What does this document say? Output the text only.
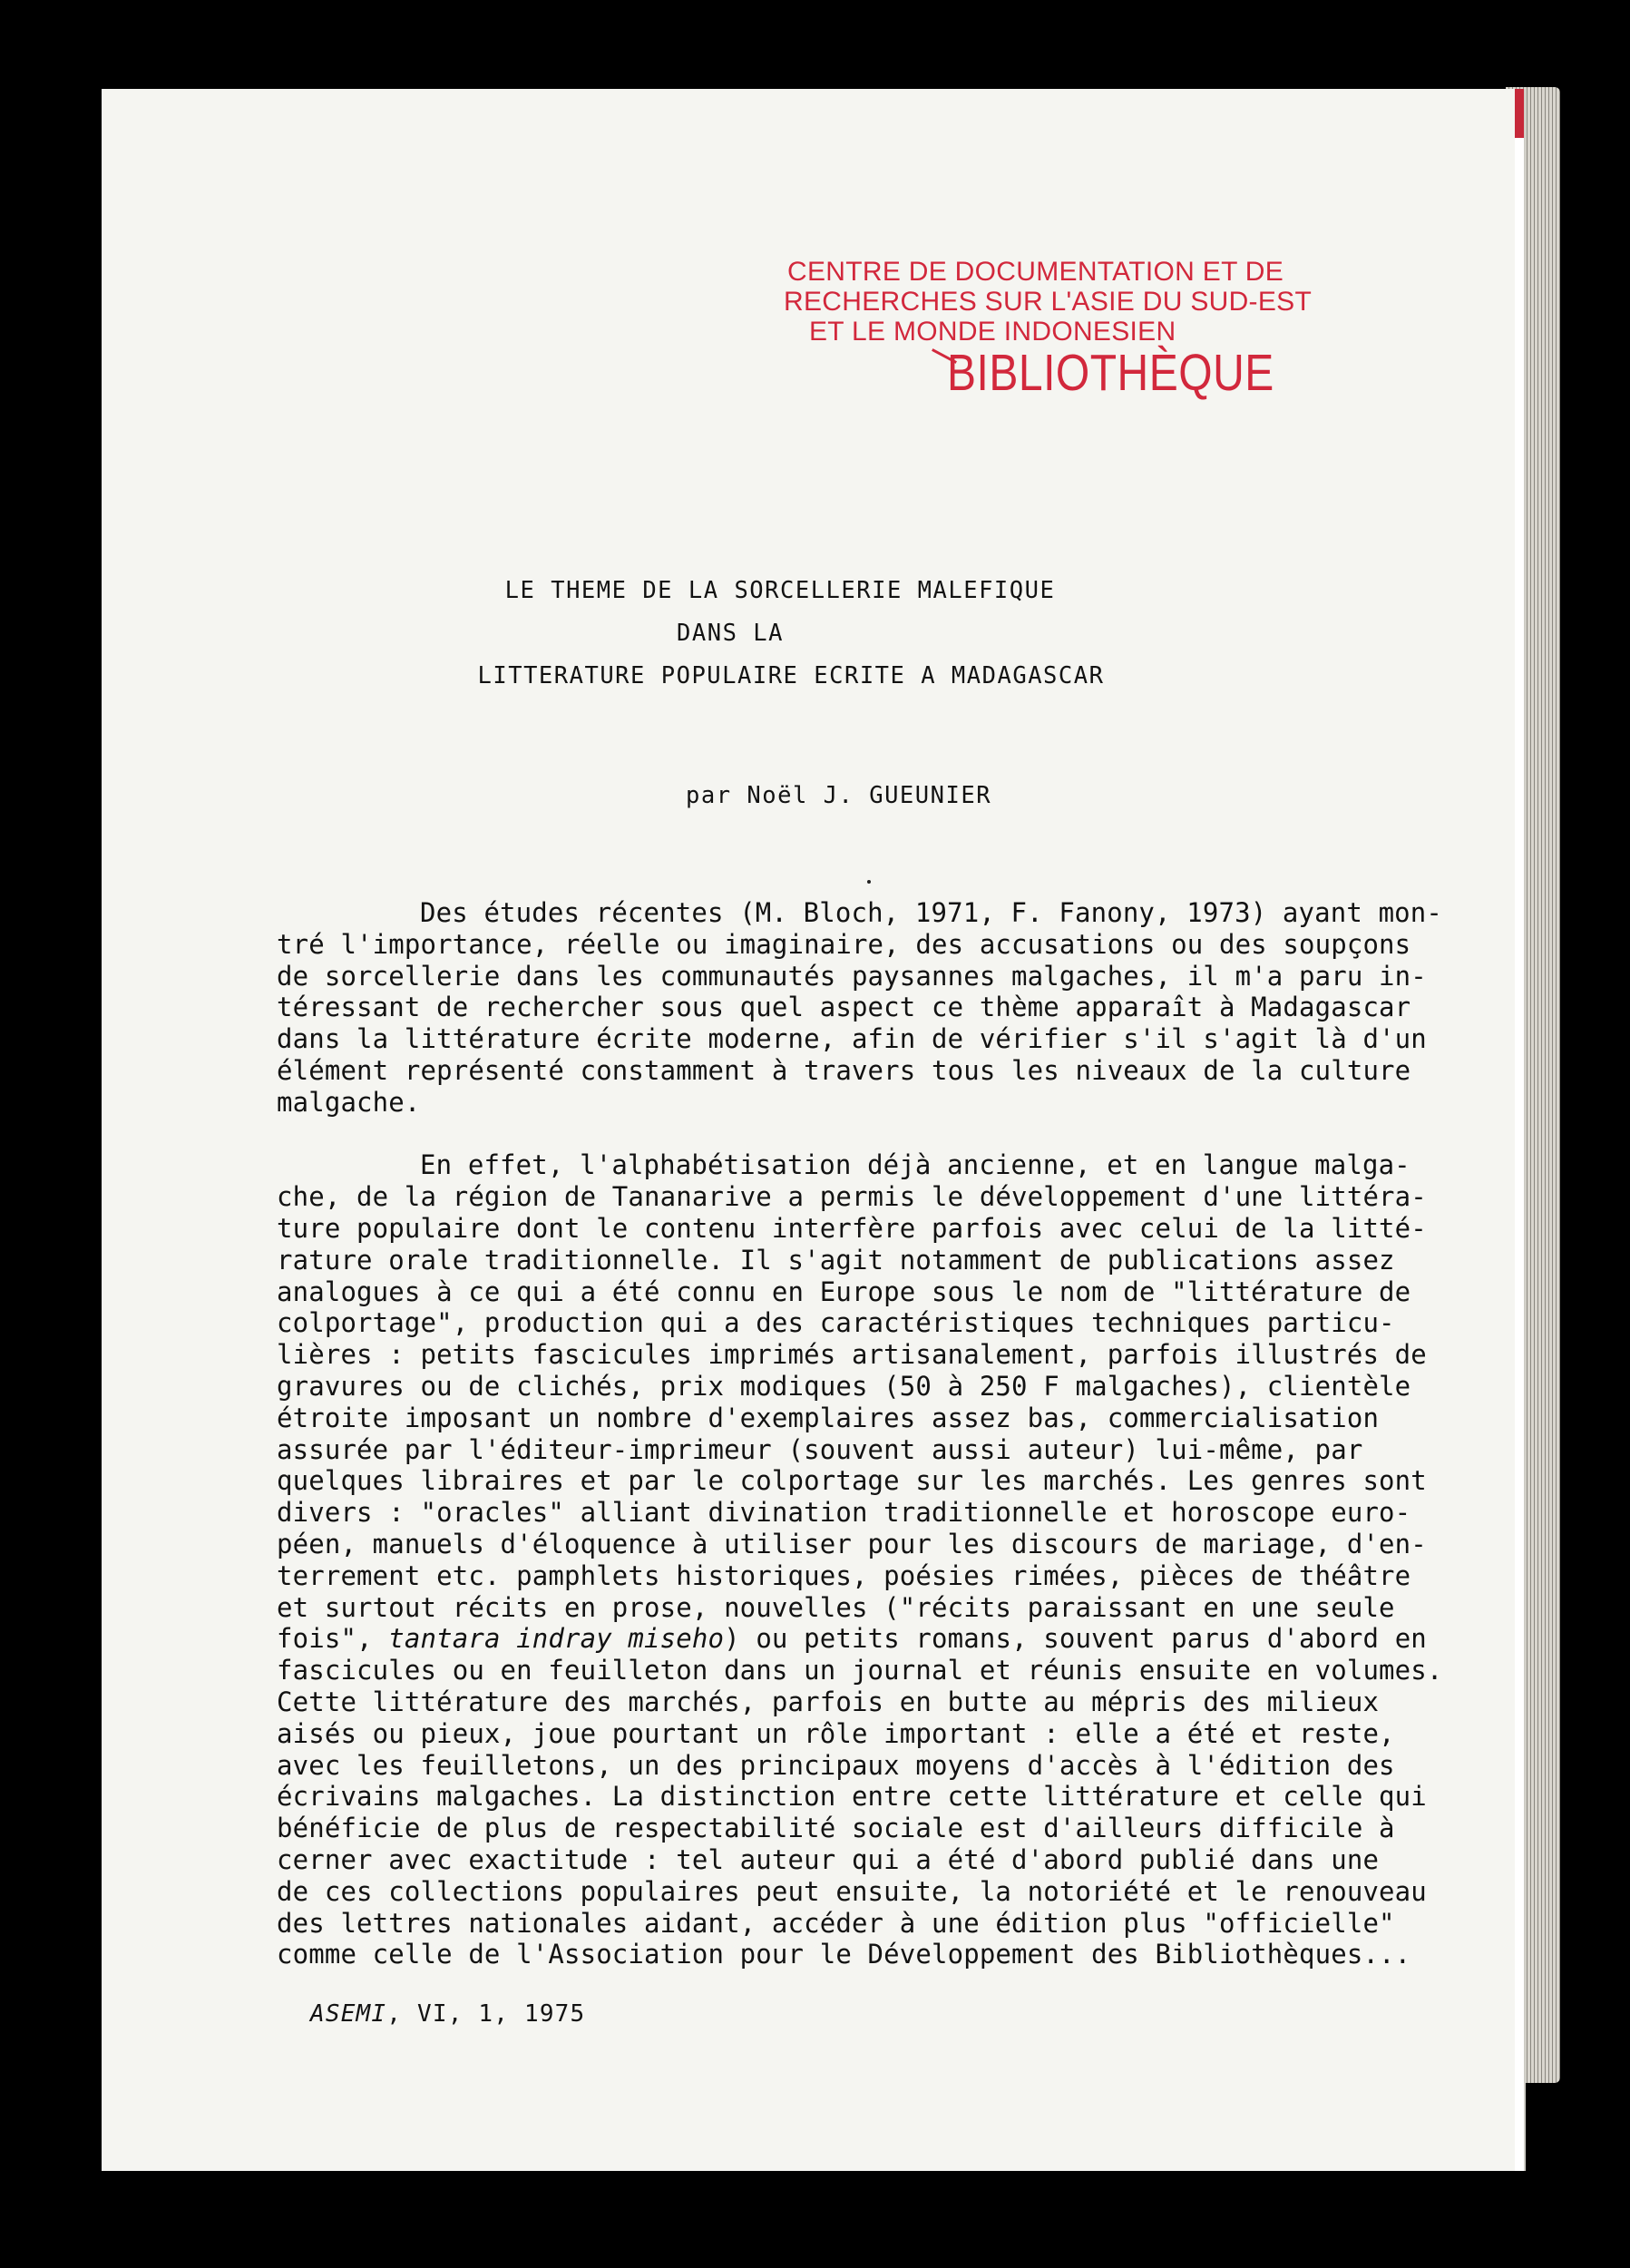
CENTRE DE DOCUMENTATION ET DE
RECHERCHES SUR L'ASIE DU SUD-EST
ET LE MONDE INDONESIEN
BIBLIOTHÈQUE
LE THEME DE LA SORCELLERIE MALEFIQUE
DANS LA
LITTERATURE POPULAIRE ECRITE A MADAGASCAR
par Noël J. GUEUNIER
Des études récentes (M. Bloch, 1971, F. Fanony, 1973) ayant mon-
tré l'importance, réelle ou imaginaire, des accusations ou des soupçons
de sorcellerie dans les communautés paysannes malgaches, il m'a paru in-
téressant de rechercher sous quel aspect ce thème apparaît à Madagascar
dans la littérature écrite moderne, afin de vérifier s'il s'agit là d'un
élément représenté constamment à travers tous les niveaux de la culture
malgache.
En effet, l'alphabétisation déjà ancienne, et en langue malga-
che, de la région de Tananarive a permis le développement d'une littéra-
ture populaire dont le contenu interfère parfois avec celui de la litté-
rature orale traditionnelle. Il s'agit notamment de publications assez
analogues à ce qui a été connu en Europe sous le nom de "littérature de
colportage", production qui a des caractéristiques techniques particu-
lières : petits fascicules imprimés artisanalement, parfois illustrés de
gravures ou de clichés, prix modiques (50 à 250 F malgaches), clientèle
étroite imposant un nombre d'exemplaires assez bas, commercialisation
assurée par l'éditeur-imprimeur (souvent aussi auteur) lui-même, par
quelques libraires et par le colportage sur les marchés. Les genres sont
divers : "oracles" alliant divination traditionnelle et horoscope euro-
péen, manuels d'éloquence à utiliser pour les discours de mariage, d'en-
terrement etc. pamphlets historiques, poésies rimées, pièces de théâtre
et surtout récits en prose, nouvelles ("récits paraissant en une seule
fois", tantara indray miseho) ou petits romans, souvent parus d'abord en
fascicules ou en feuilleton dans un journal et réunis ensuite en volumes.
Cette littérature des marchés, parfois en butte au mépris des milieux
aisés ou pieux, joue pourtant un rôle important : elle a été et reste,
avec les feuilletons, un des principaux moyens d'accès à l'édition des
écrivains malgaches. La distinction entre cette littérature et celle qui
bénéficie de plus de respectabilité sociale est d'ailleurs difficile à
cerner avec exactitude : tel auteur qui a été d'abord publié dans une
de ces collections populaires peut ensuite, la notoriété et le renouveau
des lettres nationales aidant, accéder à une édition plus "officielle"
comme celle de l'Association pour le Développement des Bibliothèques...
ASEMI, VI, 1, 1975
